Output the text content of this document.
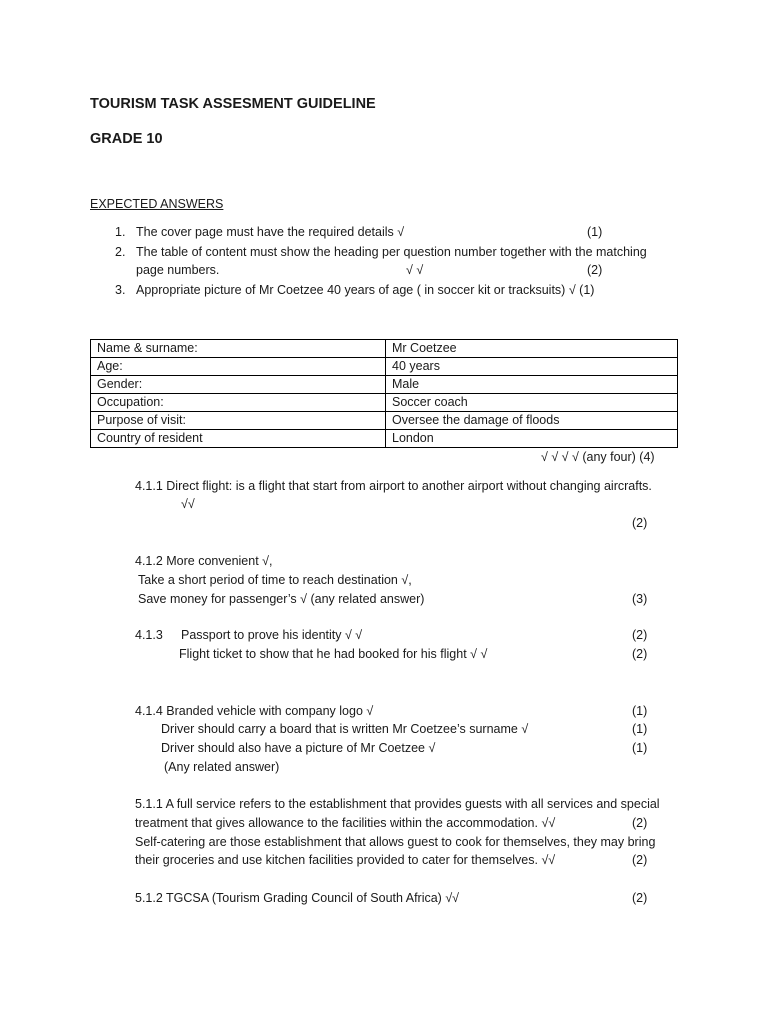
TOURISM TASK ASSESMENT GUIDELINE
GRADE 10
EXPECTED ANSWERS
1. The cover page must have the required details √	(1)
2. The table of content must show the heading per question number together with the matching
page numbers.	√ √	(2)
3. Appropriate picture of Mr Coetzee 40 years of age ( in soccer kit or tracksuits) √ (1)
Name & surname:	Mr Coetzee
Age:	40 years
Gender:	Male
Occupation:	Soccer coach
Purpose of visit:	Oversee the damage of floods
Country of resident	London
√ √ √ √ (any four) (4)
4.1.1 Direct flight: is a flight that start from airport to another airport without changing aircrafts.
√√
(2)
4.1.2 More convenient √,
Take a short period of time to reach destination √,
Save money for passenger’s √ (any related answer)	(3)
4.1.3 Passport to prove his identity √ √	(2)
Flight ticket to show that he had booked for his flight √ √	(2)
4.1.4 Branded vehicle with company logo √	(1)
Driver should carry a board that is written Mr Coetzee’s surname √	(1)
Driver should also have a picture of Mr Coetzee √	(1)
(Any related answer)
5.1.1 A full service refers to the establishment that provides guests with all services and special
treatment that gives allowance to the facilities within the accommodation. √√	(2)
Self-catering are those establishment that allows guest to cook for themselves, they may bring
their groceries and use kitchen facilities provided to cater for themselves. √√	(2)
5.1.2 TGCSA (Tourism Grading Council of South Africa) √√	(2)
